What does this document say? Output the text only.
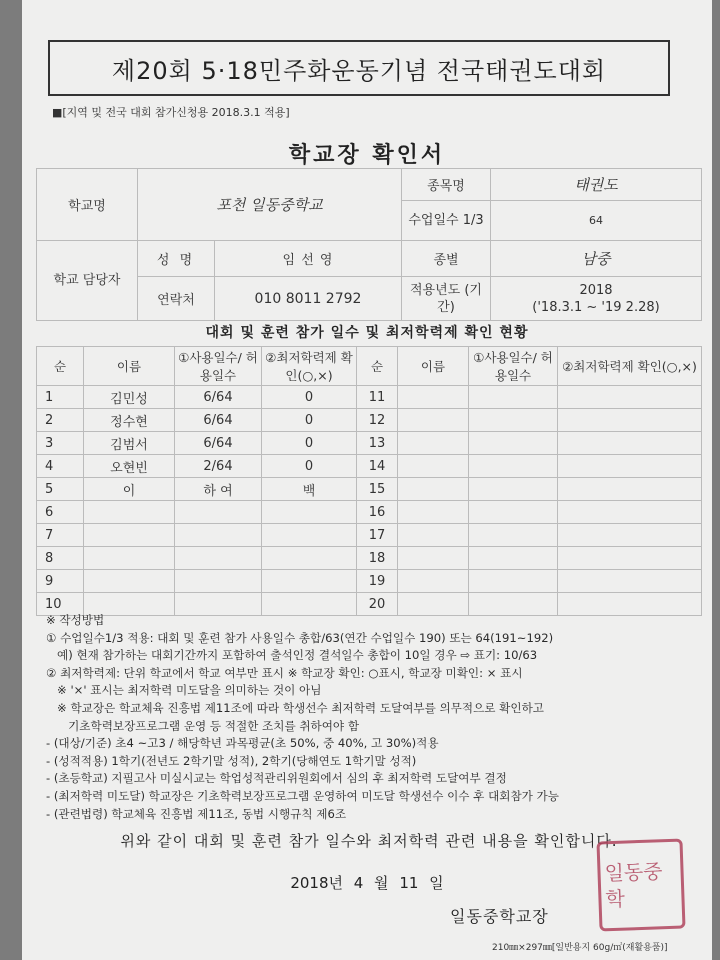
제20회 5·18민주화운동기념 전국태권도대회
■[지역 및 전국 대회 참가신청용 2018.3.1 적용]
학교장 확인서
학교명	포천 일동중학교		종목명	태권도
			수업일수 1/3	64
학교 담당자	성 명	임 선 영	종별	남중
	연락처	010 8011 2792	적용년도 (기간)	2018
('18.3.1 ~ '19 2.28)
대회 및 훈련 참가 일수 및 최저학력제 확인 현황
순	이름	①사용일수/ 허용일수	②최저학력제 확인(○,×)	순	이름	①사용일수/ 허용일수	②최저학력제 확인(○,×)
1	김민성	6/64	0	11			
2	정수현	6/64	0	12			
3	김범서	6/64	0	13			
4	오현빈	2/64	0	14			
5	이	하 여	백	15			
6				16			
7				17			
8				18			
9				19			
10				20			
※ 작성방법
① 수업일수1/3 적용: 대회 및 훈련 참가 사용일수 총합/63(연간 수업일수 190) 또는 64(191~192)
예) 현재 참가하는 대회기간까지 포함하여 출석인정 결석일수 총합이 10일 경우 ⇨ 표기: 10/63
② 최저학력제: 단위 학교에서 학교 여부만 표시 ※ 학교장 확인: ○표시, 학교장 미확인: × 표시
※ '×' 표시는 최저학력 미도달을 의미하는 것이 아님
※ 학교장은 학교체육 진흥법 제11조에 따라 학생선수 최저학력 도달여부를 의무적으로 확인하고
기초학력보장프로그램 운영 등 적절한 조치를 취하여야 함
- (대상/기준) 초4 ~고3 / 해당학년 과목평균(초 50%, 중 40%, 고 30%)적용
- (성적적용) 1학기(전년도 2학기말 성적), 2학기(당해연도 1학기말 성적)
- (초등학교) 지필고사 미실시교는 학업성적관리위원회에서 심의 후 최저학력 도달여부 결정
- (최저학력 미도달) 학교장은 기초학력보장프로그램 운영하여 미도달 학생선수 이수 후 대회참가 가능
- (관련법령) 학교체육 진흥법 제11조, 동법 시행규칙 제6조
위와 같이 대회 및 훈련 참가 일수와 최저학력 관련 내용을 확인합니다.
2018년 4 월 11 일
일동중학교장
일동중학
210㎜×297㎜[일반용지 60g/㎡(재활용품)]
